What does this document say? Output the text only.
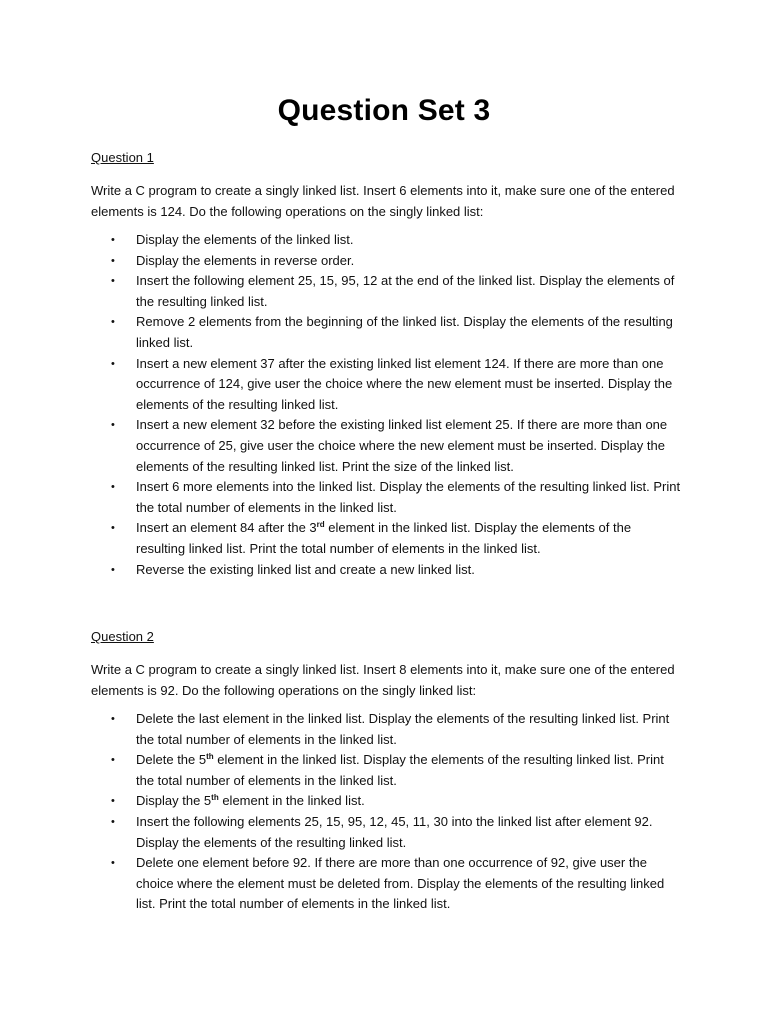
Question Set 3

Question 1

Write a C program to create a singly linked list. Insert 6 elements into it, make sure one of the entered elements is 124. Do the following operations on the singly linked list:

• Display the elements of the linked list.
• Display the elements in reverse order.
• Insert the following element 25, 15, 95, 12 at the end of the linked list. Display the elements of the resulting linked list.
• Remove 2 elements from the beginning of the linked list. Display the elements of the resulting linked list.
• Insert a new element 37 after the existing linked list element 124. If there are more than one occurrence of 124, give user the choice where the new element must be inserted. Display the elements of the resulting linked list.
• Insert a new element 32 before the existing linked list element 25. If there are more than one occurrence of 25, give user the choice where the new element must be inserted. Display the elements of the resulting linked list. Print the size of the linked list.
• Insert 6 more elements into the linked list. Display the elements of the resulting linked list. Print the total number of elements in the linked list.
• Insert an element 84 after the 3rd element in the linked list. Display the elements of the resulting linked list. Print the total number of elements in the linked list.
• Reverse the existing linked list and create a new linked list.

Question 2

Write a C program to create a singly linked list. Insert 8 elements into it, make sure one of the entered elements is 92. Do the following operations on the singly linked list:

• Delete the last element in the linked list. Display the elements of the resulting linked list. Print the total number of elements in the linked list.
• Delete the 5th element in the linked list. Display the elements of the resulting linked list. Print the total number of elements in the linked list.
• Display the 5th element in the linked list.
• Insert the following elements 25, 15, 95, 12, 45, 11, 30 into the linked list after element 92. Display the elements of the resulting linked list.
• Delete one element before 92. If there are more than one occurrence of 92, give user the choice where the element must be deleted from. Display the elements of the resulting linked list. Print the total number of elements in the linked list.
